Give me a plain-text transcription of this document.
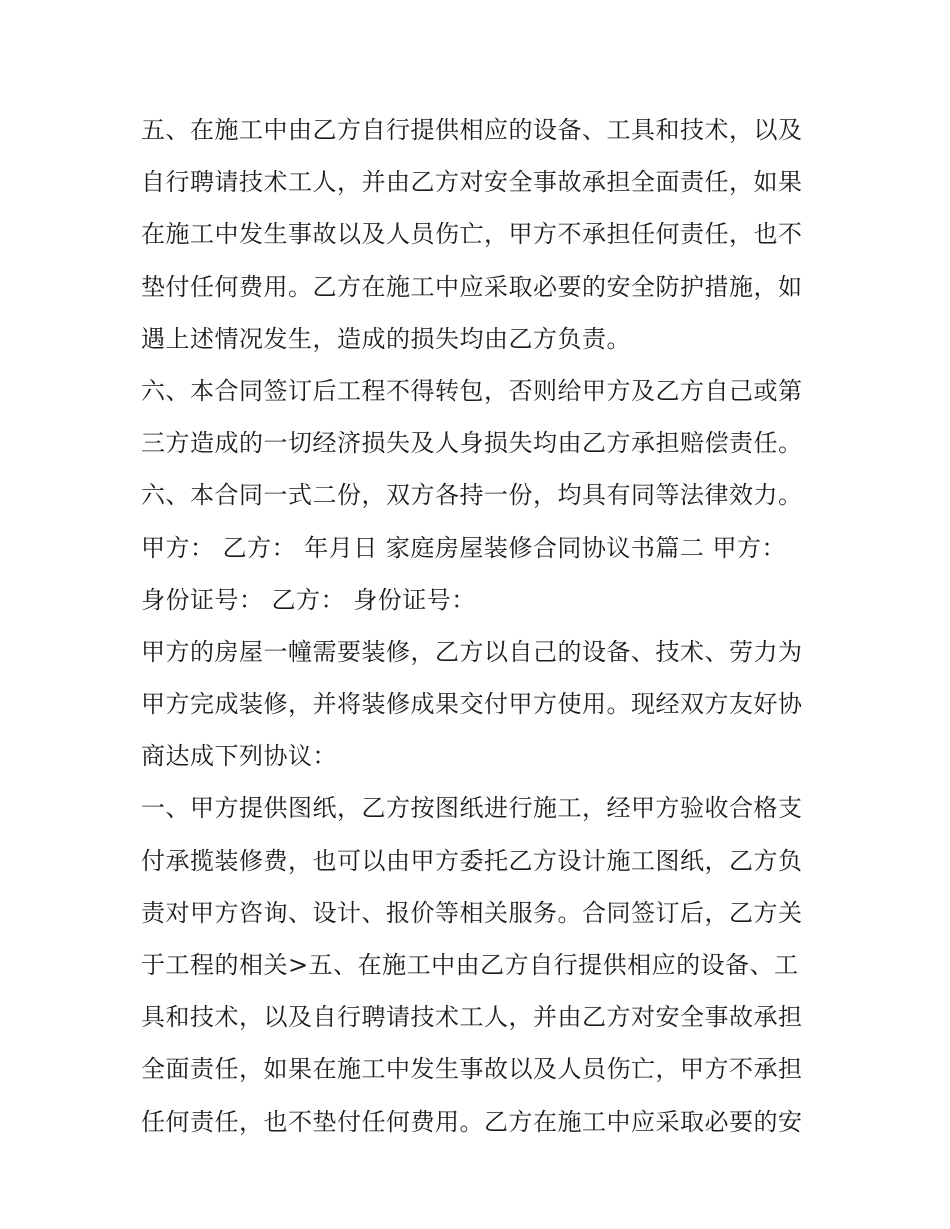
五、在施工中由乙方自行提供相应的设备、工具和技术，以及
自行聘请技术工人，并由乙方对安全事故承担全面责任，如果
在施工中发生事故以及人员伤亡，甲方不承担任何责任，也不
垫付任何费用。乙方在施工中应采取必要的安全防护措施，如
遇上述情况发生，造成的损失均由乙方负责。
六、本合同签订后工程不得转包，否则给甲方及乙方自己或第
三方造成的一切经济损失及人身损失均由乙方承担赔偿责任。
六、本合同一式二份，双方各持一份，均具有同等法律效力。
甲方： 乙方： 年月日 家庭房屋装修合同协议书篇二 甲方：
身份证号： 乙方： 身份证号：
甲方的房屋一幢需要装修，乙方以自己的设备、技术、劳力为
甲方完成装修，并将装修成果交付甲方使用。现经双方友好协
商达成下列协议：
一、甲方提供图纸，乙方按图纸进行施工，经甲方验收合格支
付承揽装修费，也可以由甲方委托乙方设计施工图纸，乙方负
责对甲方咨询、设计、报价等相关服务。合同签订后，乙方关
于工程的相关>五、在施工中由乙方自行提供相应的设备、工
具和技术，以及自行聘请技术工人，并由乙方对安全事故承担
全面责任，如果在施工中发生事故以及人员伤亡，甲方不承担
任何责任，也不垫付任何费用。乙方在施工中应采取必要的安
